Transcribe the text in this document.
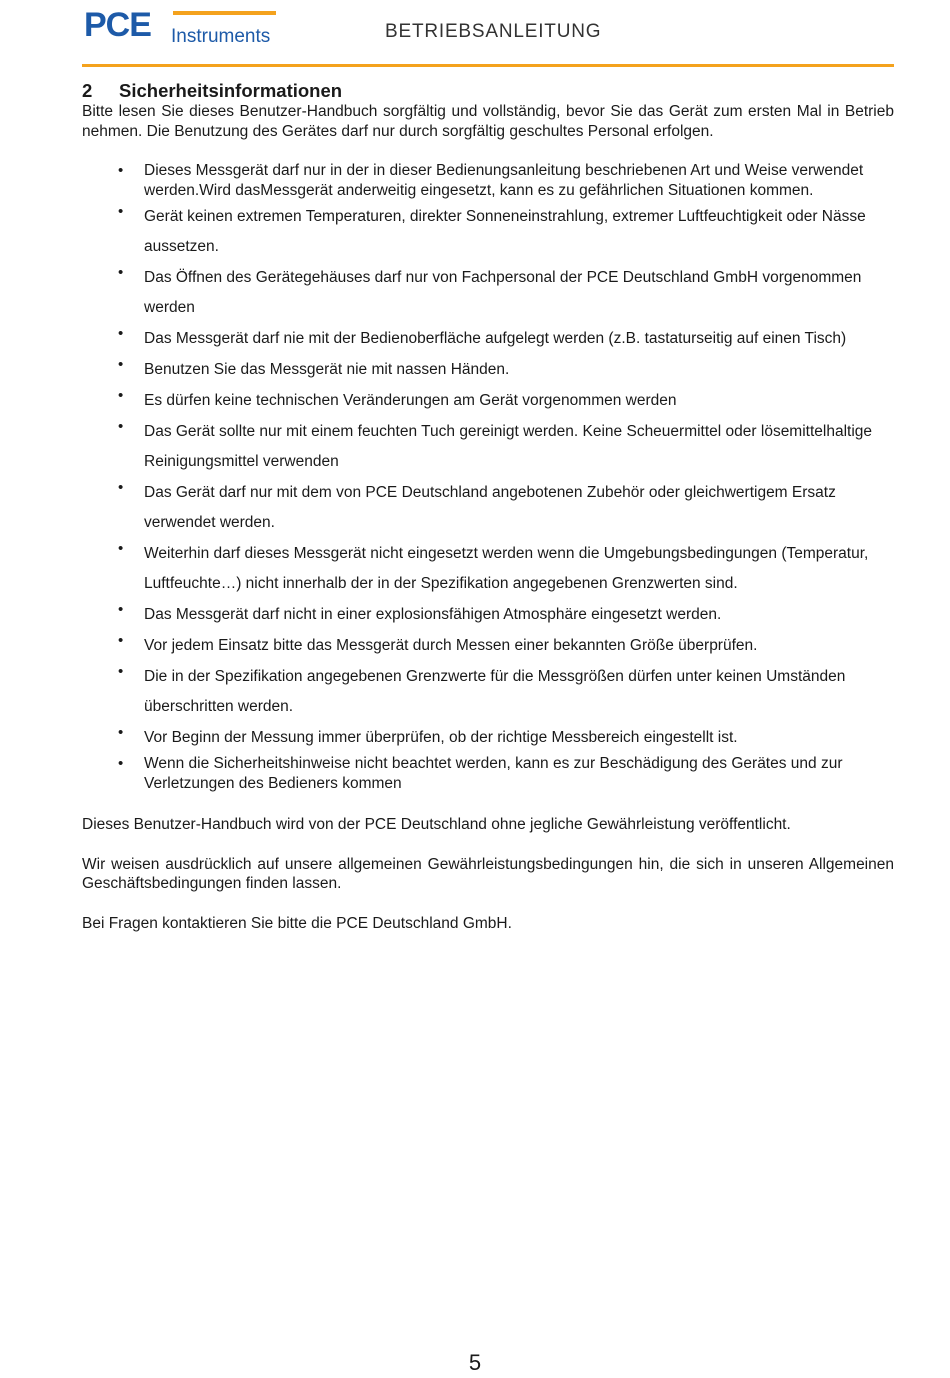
PCE Instruments	BETRIEBSANLEITUNG
2 Sicherheitsinformationen

Bitte lesen Sie dieses Benutzer-Handbuch sorgfältig und vollständig, bevor Sie das Gerät zum ersten Mal in Betrieb nehmen. Die Benutzung des Gerätes darf nur durch sorgfältig geschultes Personal erfolgen.

• Dieses Messgerät darf nur in der in dieser Bedienungsanleitung beschriebenen Art und Weise verwendet werden.Wird dasMessgerät anderweitig eingesetzt, kann es zu gefährlichen Situationen kommen.
• Gerät keinen extremen Temperaturen, direkter Sonneneinstrahlung, extremer Luftfeuchtigkeit oder Nässe aussetzen.
• Das Öffnen des Gerätegehäuses darf nur von Fachpersonal der PCE Deutschland GmbH vorgenommen werden
• Das Messgerät darf nie mit der Bedienoberfläche aufgelegt werden (z.B. tastaturseitig auf einen Tisch)
• Benutzen Sie das Messgerät nie mit nassen Händen.
• Es dürfen keine technischen Veränderungen am Gerät vorgenommen werden
• Das Gerät sollte nur mit einem feuchten Tuch gereinigt werden. Keine Scheuermittel oder lösemittelhaltige Reinigungsmittel verwenden
• Das Gerät darf nur mit dem von PCE Deutschland angebotenen Zubehör oder gleichwertigem Ersatz verwendet werden.
• Weiterhin darf dieses Messgerät nicht eingesetzt werden wenn die Umgebungsbedingungen (Temperatur, Luftfeuchte…) nicht innerhalb der in der Spezifikation angegebenen Grenzwerten sind.
• Das Messgerät darf nicht in einer explosionsfähigen Atmosphäre eingesetzt werden.
• Vor jedem Einsatz bitte das Messgerät durch Messen einer bekannten Größe überprüfen.
• Die in der Spezifikation angegebenen Grenzwerte für die Messgrößen dürfen unter keinen Umständen überschritten werden.
• Vor Beginn der Messung immer überprüfen, ob der richtige Messbereich eingestellt ist.
• Wenn die Sicherheitshinweise nicht beachtet werden, kann es zur Beschädigung des Gerätes und zur Verletzungen des Bedieners kommen

Dieses Benutzer-Handbuch wird von der PCE Deutschland ohne jegliche Gewährleistung veröffentlicht.

Wir weisen ausdrücklich auf unsere allgemeinen Gewährleistungsbedingungen hin, die sich in unseren Allgemeinen Geschäftsbedingungen finden lassen.

Bei Fragen kontaktieren Sie bitte die PCE Deutschland GmbH.

5
